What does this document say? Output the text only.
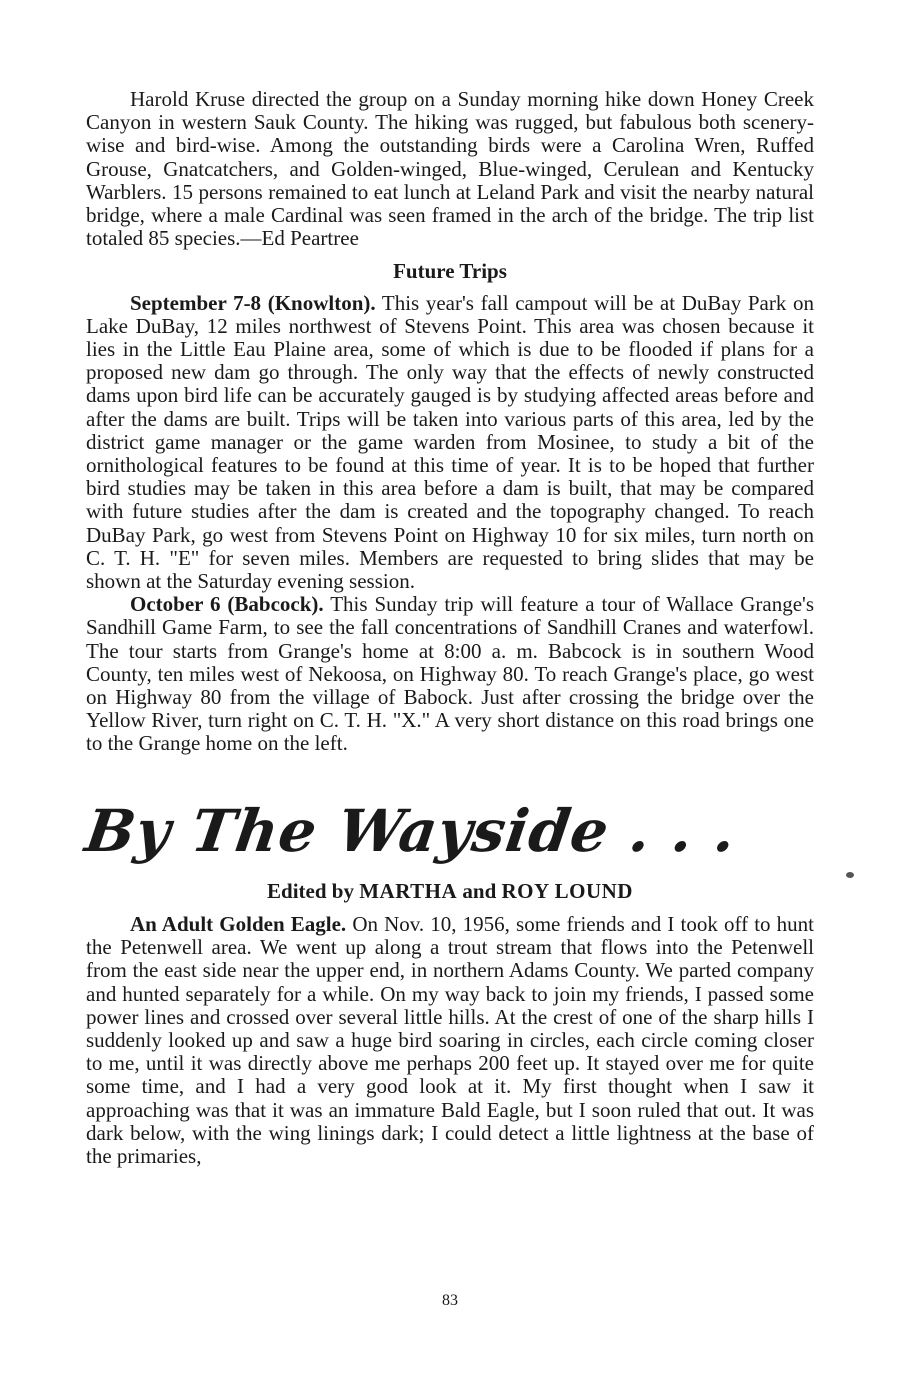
Harold Kruse directed the group on a Sunday morning hike down Honey Creek Canyon in western Sauk County. The hiking was rugged, but fabulous both scenery-wise and bird-wise. Among the outstanding birds were a Carolina Wren, Ruffed Grouse, Gnatcatchers, and Golden-winged, Blue-winged, Cerulean and Kentucky Warblers. 15 persons remained to eat lunch at Leland Park and visit the nearby natural bridge, where a male Cardinal was seen framed in the arch of the bridge. The trip list totaled 85 species.—Ed Peartree

Future Trips

September 7-8 (Knowlton). This year's fall campout will be at DuBay Park on Lake DuBay, 12 miles northwest of Stevens Point. This area was chosen because it lies in the Little Eau Plaine area, some of which is due to be flooded if plans for a proposed new dam go through. The only way that the effects of newly constructed dams upon bird life can be accurately gauged is by studying affected areas before and after the dams are built. Trips will be taken into various parts of this area, led by the district game manager or the game warden from Mosinee, to study a bit of the ornithological features to be found at this time of year. It is to be hoped that further bird studies may be taken in this area before a dam is built, that may be compared with future studies after the dam is created and the topography changed. To reach DuBay Park, go west from Stevens Point on Highway 10 for six miles, turn north on C. T. H. "E" for seven miles. Members are requested to bring slides that may be shown at the Saturday evening session.

October 6 (Babcock). This Sunday trip will feature a tour of Wallace Grange's Sandhill Game Farm, to see the fall concentrations of Sandhill Cranes and waterfowl. The tour starts from Grange's home at 8:00 a. m. Babcock is in southern Wood County, ten miles west of Nekoosa, on Highway 80. To reach Grange's place, go west on Highway 80 from the village of Babock. Just after crossing the bridge over the Yellow River, turn right on C. T. H. "X." A very short distance on this road brings one to the Grange home on the left.

By The Wayside . . .
Edited by MARTHA and ROY LOUND

An Adult Golden Eagle. On Nov. 10, 1956, some friends and I took off to hunt the Petenwell area. We went up along a trout stream that flows into the Petenwell from the east side near the upper end, in northern Adams County. We parted company and hunted separately for a while. On my way back to join my friends, I passed some power lines and crossed over several little hills. At the crest of one of the sharp hills I suddenly looked up and saw a huge bird soaring in circles, each circle coming closer to me, until it was directly above me perhaps 200 feet up. It stayed over me for quite some time, and I had a very good look at it. My first thought when I saw it approaching was that it was an immature Bald Eagle, but I soon ruled that out. It was dark below, with the wing linings dark; I could detect a little lightness at the base of the primaries,

83
